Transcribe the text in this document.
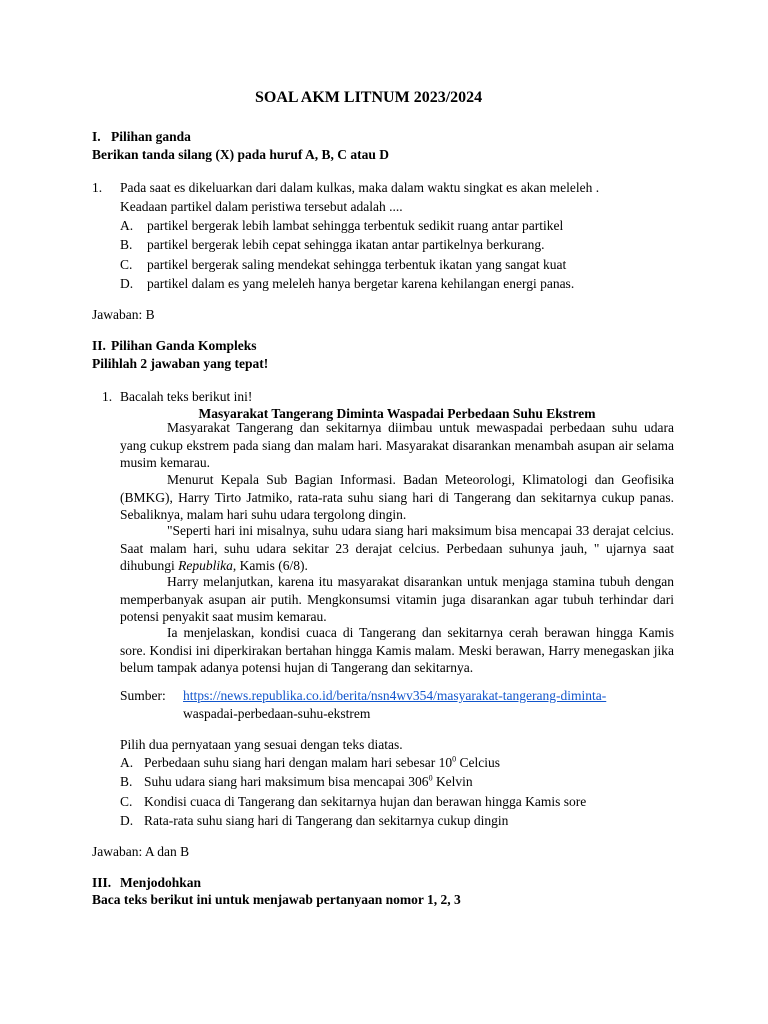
SOAL AKM LITNUM 2023/2024
I. Pilihan ganda
Berikan tanda silang (X) pada huruf A, B, C atau D
1. Pada saat es dikeluarkan dari dalam kulkas, maka dalam waktu singkat es akan meleleh .
Keadaan partikel dalam peristiwa tersebut adalah ....
A. partikel bergerak lebih lambat sehingga terbentuk sedikit ruang antar partikel
B. partikel bergerak lebih cepat sehingga ikatan antar partikelnya berkurang.
C. partikel bergerak saling mendekat sehingga terbentuk ikatan yang sangat kuat
D. partikel dalam es yang meleleh hanya bergetar karena kehilangan energi panas.
Jawaban: B
II. Pilihan Ganda Kompleks
Pilihlah 2 jawaban yang tepat!
1. Bacalah teks berikut ini!
Masyarakat Tangerang Diminta Waspadai Perbedaan Suhu Ekstrem
Masyarakat Tangerang dan sekitarnya diimbau untuk mewaspadai perbedaan suhu udara yang cukup ekstrem pada siang dan malam hari. Masyarakat disarankan menambah asupan air selama musim kemarau.
Menurut Kepala Sub Bagian Informasi. Badan Meteorologi, Klimatologi dan Geofisika (BMKG), Harry Tirto Jatmiko, rata-rata suhu siang hari di Tangerang dan sekitarnya cukup panas. Sebaliknya, malam hari suhu udara tergolong dingin.
"Seperti hari ini misalnya, suhu udara siang hari maksimum bisa mencapai 33 derajat celcius. Saat malam hari, suhu udara sekitar 23 derajat celcius. Perbedaan suhunya jauh, " ujarnya saat dihubungi Republika, Kamis (6/8).
Harry melanjutkan, karena itu masyarakat disarankan untuk menjaga stamina tubuh dengan memperbanyak asupan air putih. Mengkonsumsi vitamin juga disarankan agar tubuh terhindar dari potensi penyakit saat musim kemarau.
Ia menjelaskan, kondisi cuaca di Tangerang dan sekitarnya cerah berawan hingga Kamis sore. Kondisi ini diperkirakan bertahan hingga Kamis malam. Meski berawan, Harry menegaskan jika belum tampak adanya potensi hujan di Tangerang dan sekitarnya.
Sumber: https://news.republika.co.id/berita/nsn4wv354/masyarakat-tangerang-diminta-
waspadai-perbedaan-suhu-ekstrem
Pilih dua pernyataan yang sesuai dengan teks diatas.
A. Perbedaan suhu siang hari dengan malam hari sebesar $10^0$ Celcius
B. Suhu udara siang hari maksimum bisa mencapai $306^0$ Kelvin
C. Kondisi cuaca di Tangerang dan sekitarnya hujan dan berawan hingga Kamis sore
D. Rata-rata suhu siang hari di Tangerang dan sekitarnya cukup dingin
Jawaban: A dan B
III. Menjodohkan
Baca teks berikut ini untuk menjawab pertanyaan nomor 1, 2, 3
